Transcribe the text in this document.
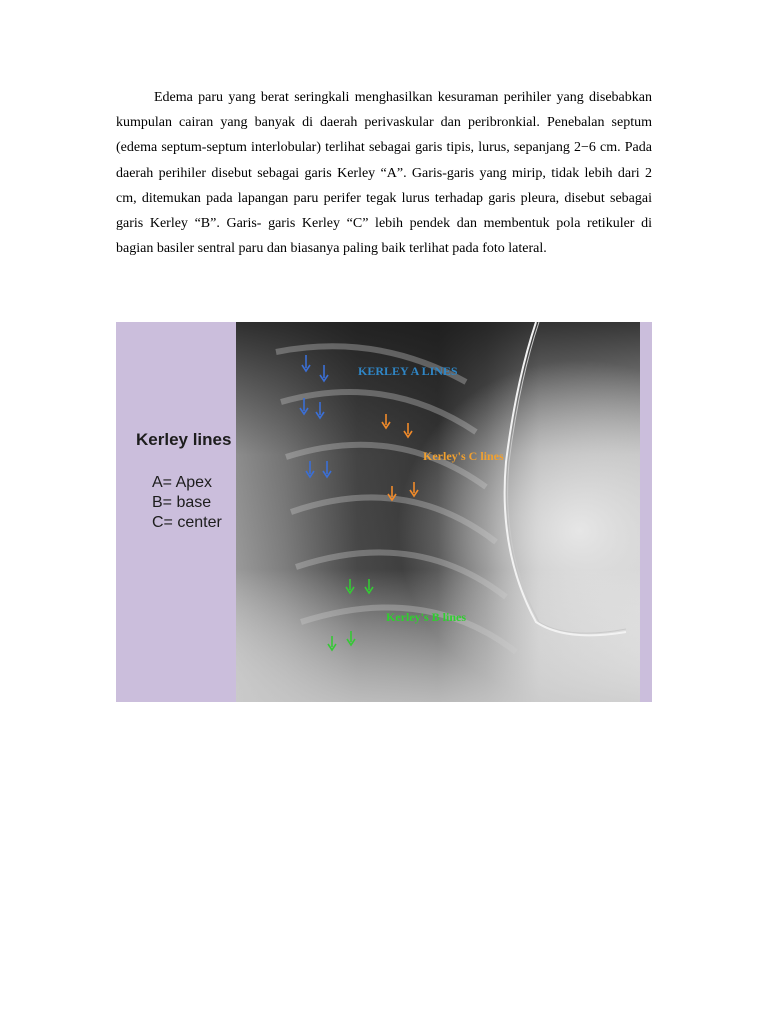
Edema paru yang berat seringkali menghasilkan kesuraman perihiler yang disebabkan kumpulan cairan yang banyak di daerah perivaskular dan peribronkial. Penebalan septum (edema septum-septum interlobular) terlihat sebagai garis tipis, lurus, sepanjang 2−6 cm. Pada daerah perihiler disebut sebagai garis Kerley “A”. Garis-garis yang mirip, tidak lebih dari 2 cm, ditemukan pada lapangan paru perifer tegak lurus terhadap garis pleura, disebut sebagai garis Kerley “B”. Garis- garis Kerley “C” lebih pendek dan membentuk pola retikuler di bagian basiler sentral paru dan biasanya paling baik terlihat pada foto lateral.

Kerley lines
A= Apex
B= base
C= center
KERLEY A LINES
Kerley's C lines
Kerley's B lines
